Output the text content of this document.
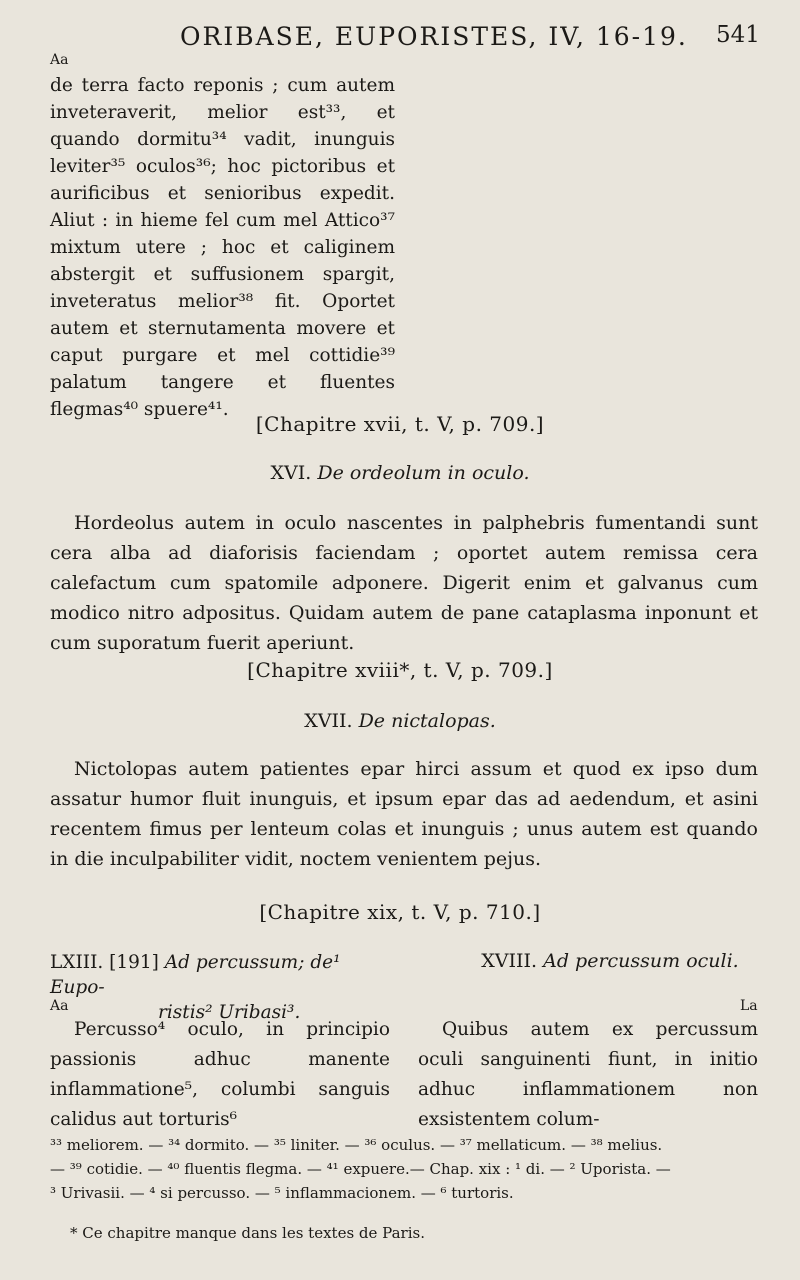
ORIBASE, EUPORISTES, IV, 16-19. 541
Aa

de terra facto reponis ; cum autem inveteraverit, melior est³³, et quando dormitu³⁴ vadit, inunguis leviter³⁵ oculos³⁶; hoc pictoribus et aurificibus et senioribus expedit. Aliut : in hieme fel cum mel Attico³⁷ mixtum utere ; hoc et caliginem abstergit et suffusionem spargit, inveteratus melior³⁸ fit. Oportet autem et sternutamenta movere et caput purgare et mel cottidie³⁹ palatum tangere et fluentes flegmas⁴⁰ spuere⁴¹.

[Chapitre xvii, t. V, p. 709.]
XVI. De ordeolum in oculo.

Hordeolus autem in oculo nascentes in palphebris fumentandi sunt cera alba ad diaforisis faciendam ; oportet autem remissa cera calefactum cum spatomile adponere. Digerit enim et galvanus cum modico nitro adpositus. Quidam autem de pane cataplasma inponunt et cum suporatum fuerit aperiunt.

[Chapitre xviii*, t. V, p. 709.]
XVII. De nictalopas.

Nictolopas autem patientes epar hirci assum et quod ex ipso dum assatur humor fluit inunguis, et ipsum epar das ad aedendum, et asini recentem fimus per lenteum colas et inunguis ; unus autem est quando in die inculpabiliter vidit, noctem venientem pejus.

[Chapitre xix, t. V, p. 710.]
LXIII. [191] Ad percussum; de¹ Eupo-
ristis² Uribasi³.
XVIII. Ad percussum oculi.
Aa	La

Percusso⁴ oculo, in principio passionis adhuc manente inflammatione⁵, columbi sanguis calidus aut torturis⁶

Quibus autem ex percussum oculi sanguinenti fiunt, in initio adhuc inflammationem non exsistentem colum-

³³ meliorem. — ³⁴ dormito. — ³⁵ liniter. — ³⁶ oculus. — ³⁷ mellaticum. — ³⁸ melius.

— ³⁹ cotidie. — ⁴⁰ fluentis flegma. — ⁴¹ expuere.— Chap. xix : ¹ di. — ² Uporista. —

³ Urivasii. — ⁴ si percusso. — ⁵ inflammacionem. — ⁶ turtoris.

* Ce chapitre manque dans les textes de Paris.
